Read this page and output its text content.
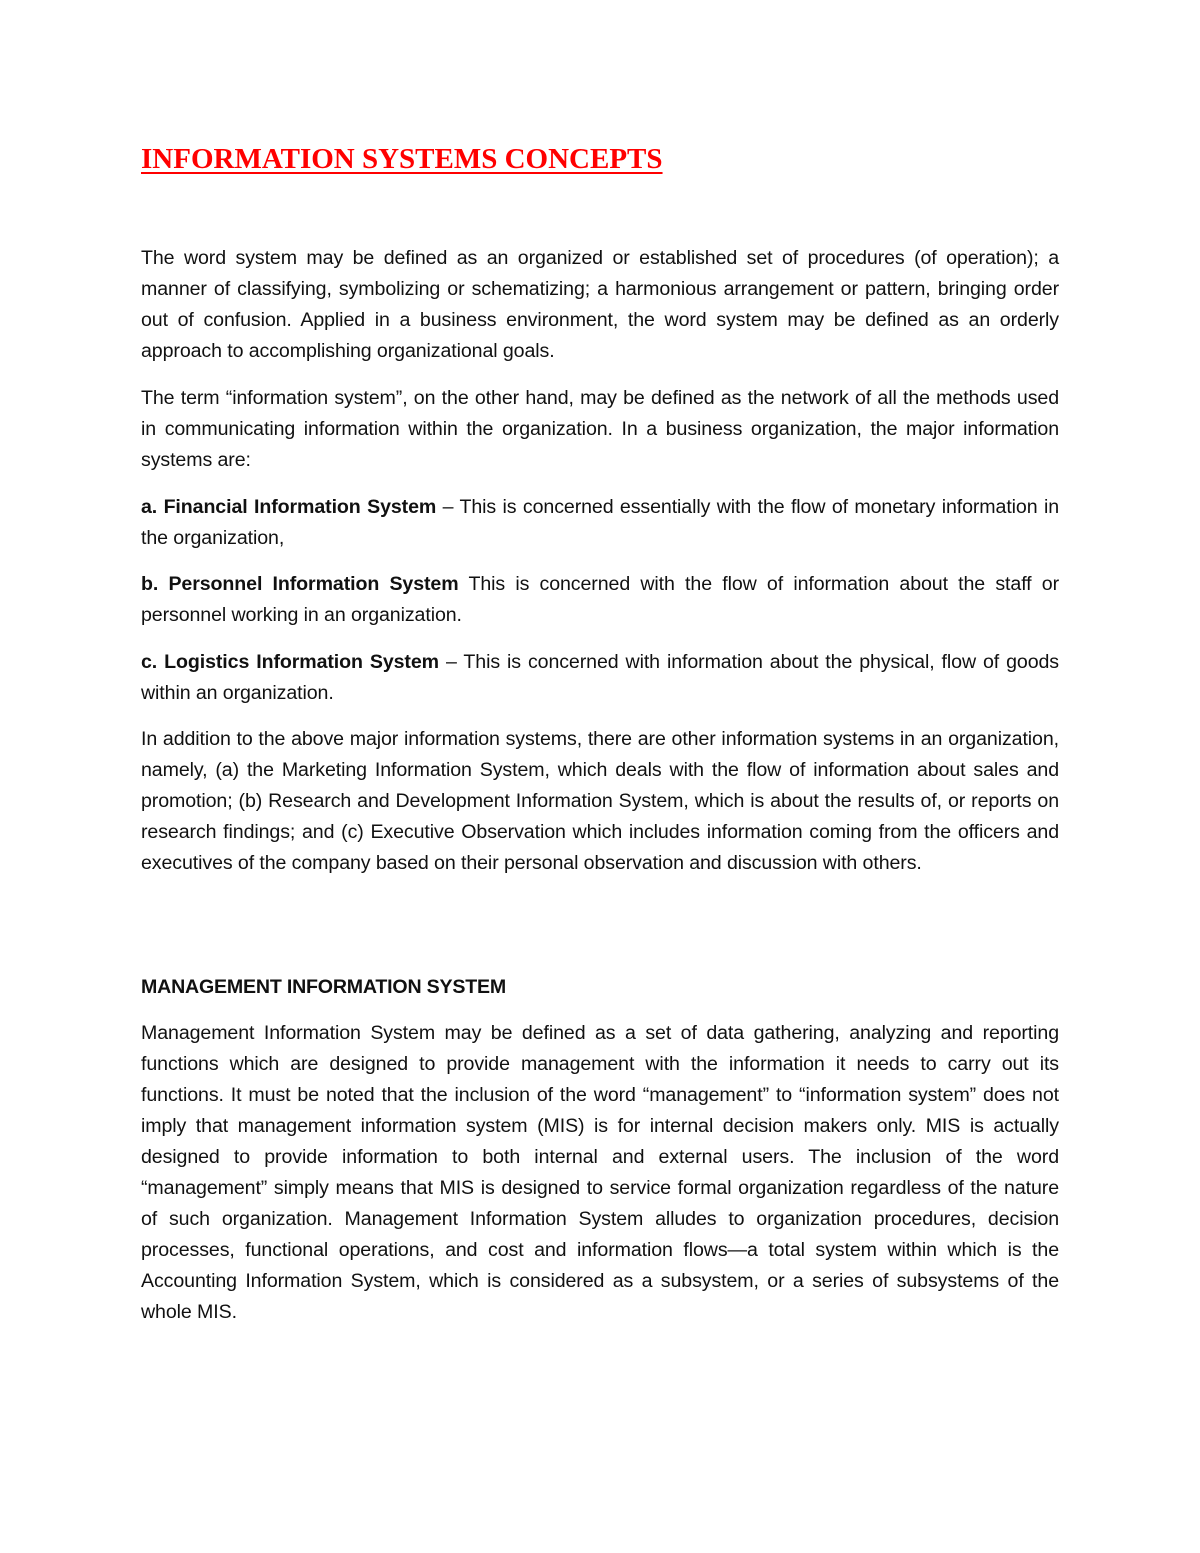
INFORMATION SYSTEMS CONCEPTS

The word system may be defined as an organized or established set of procedures (of operation); a manner of classifying, symbolizing or schematizing; a harmonious arrangement or pattern, bringing order out of confusion. Applied in a business environment, the word system may be defined as an orderly approach to accomplishing organizational goals.

The term “information system”, on the other hand, may be defined as the network of all the methods used in communicating information within the organization. In a business organization, the major information systems are:

a. Financial Information System – This is concerned essentially with the flow of monetary information in the organization,

b. Personnel Information System This is concerned with the flow of information about the staff or personnel working in an organization.

c. Logistics Information System – This is concerned with information about the physical, flow of goods within an organization.

In addition to the above major information systems, there are other information systems in an organization, namely, (a) the Marketing Information System, which deals with the flow of information about sales and promotion; (b) Research and Development Information System, which is about the results of, or reports on research findings; and (c) Executive Observation which includes information coming from the officers and executives of the company based on their personal observation and discussion with others.

MANAGEMENT INFORMATION SYSTEM

Management Information System may be defined as a set of data gathering, analyzing and reporting functions which are designed to provide management with the information it needs to carry out its functions. It must be noted that the inclusion of the word “management” to “information system” does not imply that management information system (MIS) is for internal decision makers only. MIS is actually designed to provide information to both internal and external users. The inclusion of the word “management” simply means that MIS is designed to service formal organization regardless of the nature of such organization. Management Information System alludes to organization procedures, decision processes, functional operations, and cost and information flows—a total system within which is the Accounting Information System, which is considered as a subsystem, or a series of subsystems of the whole MIS.
